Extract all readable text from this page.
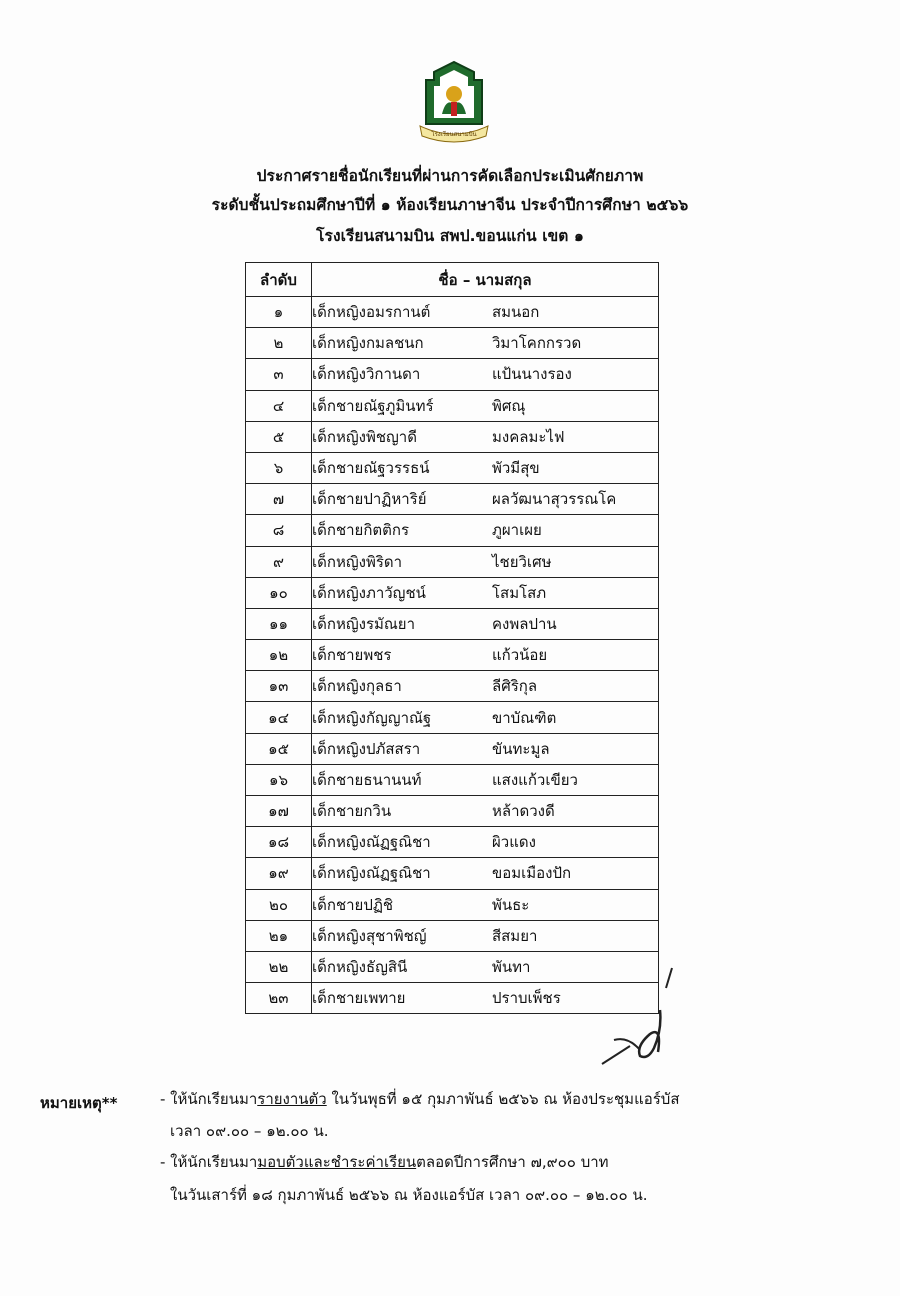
โรงเรียนสนามบิน
ประกาศรายชื่อนักเรียนที่ผ่านการคัดเลือกประเมินศักยภาพ
ระดับชั้นประถมศึกษาปีที่ ๑ ห้องเรียนภาษาจีน ประจำปีการศึกษา ๒๕๖๖
โรงเรียนสนามบิน สพป.ขอนแก่น เขต ๑
ลำดับ	ชื่อ – นามสกุล
๑	เด็กหญิงอมรกานต์ สมนอก
๒	เด็กหญิงกมลชนก วิมาโคกกรวด
๓	เด็กหญิงวิกานดา แป้นนางรอง
๔	เด็กชายณัฐภูมินทร์ พิศณุ
๕	เด็กหญิงพิชญาดี มงคลมะไฟ
๖	เด็กชายณัฐวรรธน์ พัวมีสุข
๗	เด็กชายปาฏิหาริย์ ผลวัฒนาสุวรรณโค
๘	เด็กชายกิตติกร ภูผาเผย
๙	เด็กหญิงพิริดา ไชยวิเศษ
๑๐	เด็กหญิงภาวัญชน์ โสมโสภ
๑๑	เด็กหญิงรมัณยา คงพลปาน
๑๒	เด็กชายพชร แก้วน้อย
๑๓	เด็กหญิงกุลธา ลีศิริกุล
๑๔	เด็กหญิงกัญญาณัฐ ขาบัณฑิต
๑๕	เด็กหญิงปภัสสรา ขันทะมูล
๑๖	เด็กชายธนานนท์ แสงแก้วเขียว
๑๗	เด็กชายกวิน หล้าดวงดี
๑๘	เด็กหญิงณัฏฐณิชา ผิวแดง
๑๙	เด็กหญิงณัฏฐณิชา ขอมเมืองปัก
๒๐	เด็กชายปฏิชิ พันธะ
๒๑	เด็กหญิงสุชาพิชญ์ สีสมยา
๒๒	เด็กหญิงธัญสินี พันทา
๒๓	เด็กชายเพทาย ปราบเพ็ชร
หมายเหตุ**	- ให้นักเรียนมารายงานตัว ในวันพุธที่ ๑๕ กุมภาพันธ์ ๒๕๖๖ ณ ห้องประชุมแอร์บัส
เวลา ๐๙.๐๐ – ๑๒.๐๐ น.
- ให้นักเรียนมามอบตัวและชำระค่าเรียนตลอดปีการศึกษา ๗,๙๐๐ บาท
ในวันเสาร์ที่ ๑๘ กุมภาพันธ์ ๒๕๖๖ ณ ห้องแอร์บัส เวลา ๐๙.๐๐ – ๑๒.๐๐ น.
